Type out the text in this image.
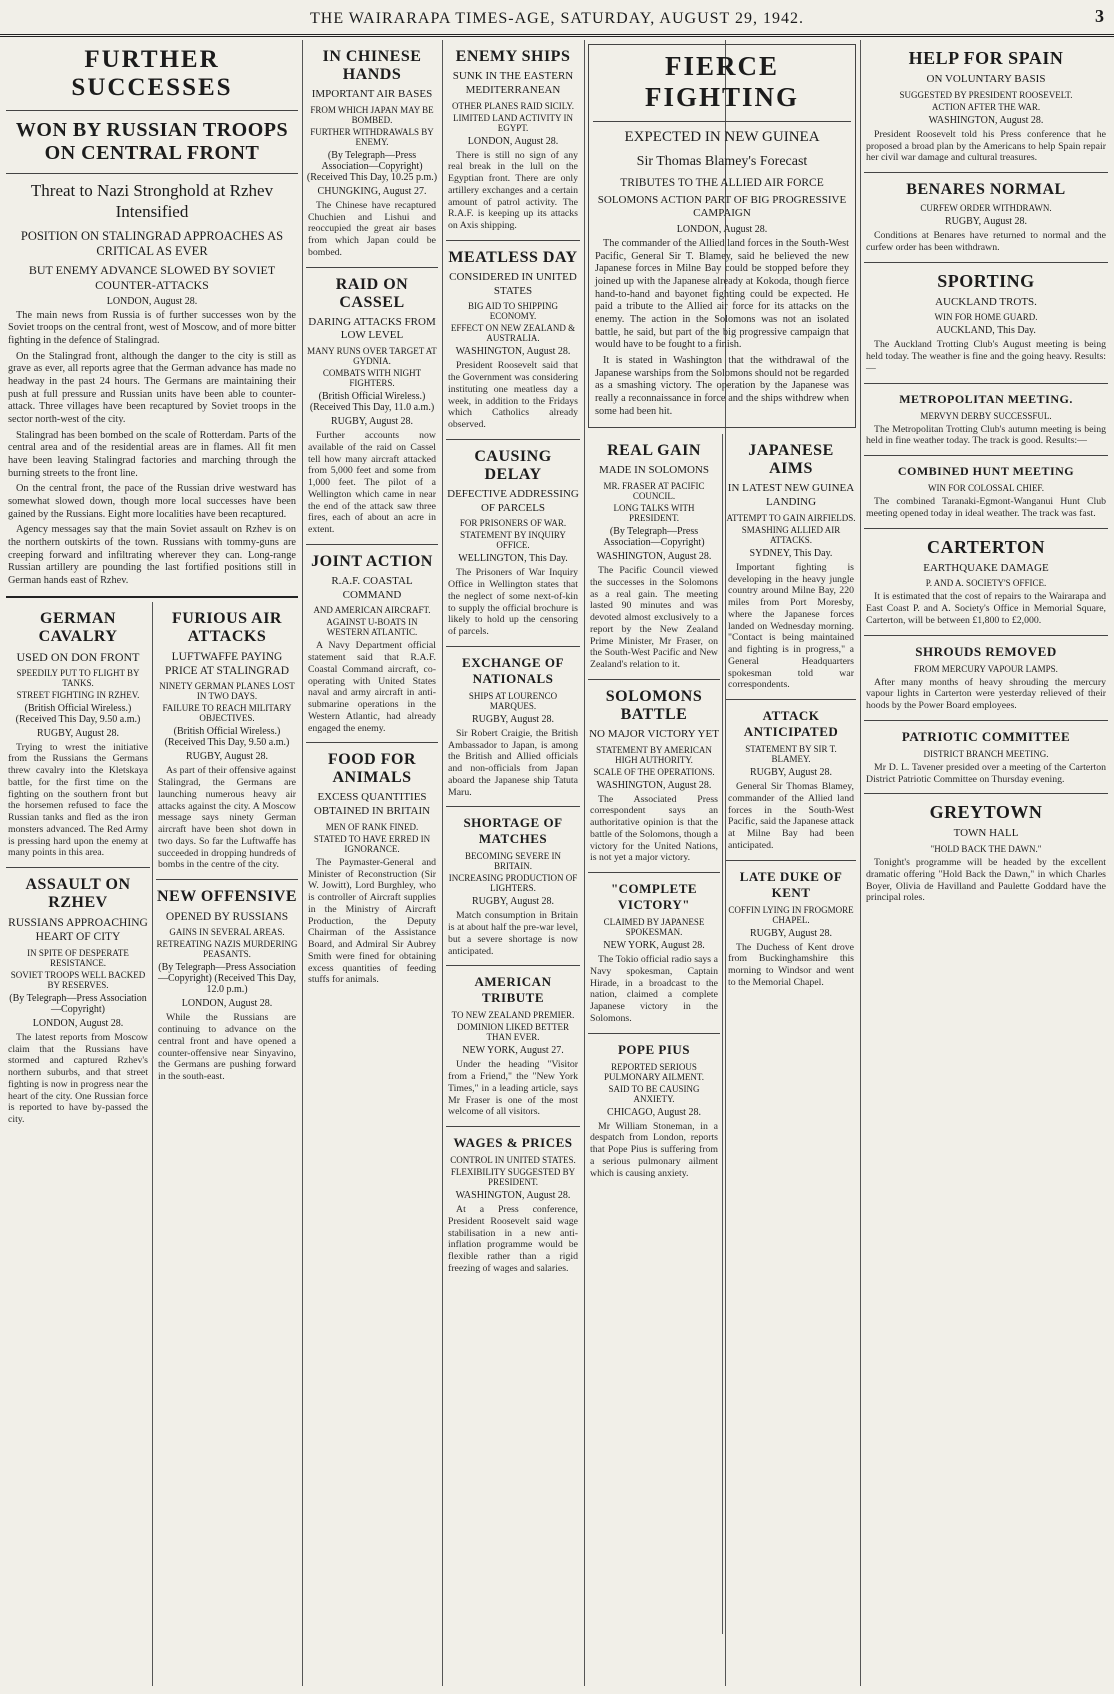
THE WAIRARAPA TIMES-AGE, SATURDAY, AUGUST 29, 1942.	3
FURTHER SUCCESSES
WON BY RUSSIAN TROOPS ON CENTRAL FRONT
Threat to Nazi Stronghold at Rzhev Intensified
POSITION ON STALINGRAD APPROACHES AS CRITICAL AS EVER
BUT ENEMY ADVANCE SLOWED BY SOVIET COUNTER-ATTACKS
LONDON, August 28.

The main news from Russia is of further successes won by the Soviet troops on the central front, west of Moscow, and of more bitter fighting in the defence of Stalingrad.

On the Stalingrad front, although the danger to the city is still as grave as ever, all reports agree that the German advance has made no headway in the past 24 hours. The Germans are maintaining their push at full pressure and Russian units have been able to counter-attack. Three villages have been recaptured by Soviet troops in the sector north-west of the city.

Stalingrad has been bombed on the scale of Rotterdam. Parts of the central area and of the residential areas are in flames. All fit men have been leaving Stalingrad factories and marching through the burning streets to the front line.

On the central front, the pace of the Russian drive westward has somewhat slowed down, though more local successes have been gained by the Russians. Eight more localities have been recaptured.

Agency messages say that the main Soviet assault on Rzhev is on the northern outskirts of the town. Russians with tommy-guns are creeping forward and infiltrating wherever they can. Long-range Russian artillery are pounding the last fortified positions still in German hands east of Rzhev.

GERMAN CAVALRY
USED ON DON FRONT
SPEEDILY PUT TO FLIGHT BY TANKS.
STREET FIGHTING IN RZHEV.
(British Official Wireless.) (Received This Day, 9.50 a.m.)
RUGBY, August 28.

Trying to wrest the initiative from the Russians the Germans threw cavalry into the Kletskaya battle, for the first time on the fighting on the southern front but the horsemen refused to face the Russian tanks and fled as the iron monsters advanced. The Red Army is pressing hard upon the enemy at many points in this area.

ASSAULT ON RZHEV
RUSSIANS APPROACHING HEART OF CITY
IN SPITE OF DESPERATE RESISTANCE.
SOVIET TROOPS WELL BACKED BY RESERVES.
(By Telegraph—Press Association—Copyright)
LONDON, August 28.

The latest reports from Moscow claim that the Russians have stormed and captured Rzhev's northern suburbs, and that street fighting is now in progress near the heart of the city. One Russian force is reported to have by-passed the city.

FURIOUS AIR ATTACKS
LUFTWAFFE PAYING PRICE AT STALINGRAD
NINETY GERMAN PLANES LOST IN TWO DAYS.
FAILURE TO REACH MILITARY OBJECTIVES.
(British Official Wireless.) (Received This Day, 9.50 a.m.)
RUGBY, August 28.

As part of their offensive against Stalingrad, the Germans are launching numerous heavy air attacks against the city. A Moscow message says ninety German aircraft have been shot down in two days. So far the Luftwaffe has succeeded in dropping hundreds of bombs in the centre of the city.

NEW OFFENSIVE
OPENED BY RUSSIANS
GAINS IN SEVERAL AREAS.
RETREATING NAZIS MURDERING PEASANTS.
(By Telegraph—Press Association—Copyright) (Received This Day, 12.0 p.m.)
LONDON, August 28.

While the Russians are continuing to advance on the central front and have opened a counter-offensive near Sinyavino, the Germans are pushing forward in the south-east.

IN CHINESE HANDS
IMPORTANT AIR BASES
FROM WHICH JAPAN MAY BE BOMBED.
FURTHER WITHDRAWALS BY ENEMY.
(By Telegraph—Press Association—Copyright) (Received This Day, 10.25 p.m.)
CHUNGKING, August 27.

The Chinese have recaptured Chuchien and Lishui and reoccupied the great air bases from which Japan could be bombed.

RAID ON CASSEL
DARING ATTACKS FROM LOW LEVEL
MANY RUNS OVER TARGET AT GYDNIA.
COMBATS WITH NIGHT FIGHTERS.
(British Official Wireless.) (Received This Day, 11.0 a.m.)
RUGBY, August 28.

Further accounts now available of the raid on Cassel tell how many aircraft attacked from 5,000 feet and some from 1,000 feet. The pilot of a Wellington which came in near the end of the attack saw three fires, each of about an acre in extent.

JOINT ACTION
R.A.F. COASTAL COMMAND
AND AMERICAN AIRCRAFT.
AGAINST U-BOATS IN WESTERN ATLANTIC.

A Navy Department official statement said that R.A.F. Coastal Command aircraft, co-operating with United States naval and army aircraft in anti-submarine operations in the Western Atlantic, had already engaged the enemy.

FOOD FOR ANIMALS
EXCESS QUANTITIES OBTAINED IN BRITAIN
MEN OF RANK FINED.
STATED TO HAVE ERRED IN IGNORANCE.

The Paymaster-General and Minister of Reconstruction (Sir W. Jowitt), Lord Burghley, who is controller of Aircraft supplies in the Ministry of Aircraft Production, the Deputy Chairman of the Assistance Board, and Admiral Sir Aubrey Smith were fined for obtaining excess quantities of feeding stuffs for animals.

ENEMY SHIPS
SUNK IN THE EASTERN MEDITERRANEAN
OTHER PLANES RAID SICILY.
LIMITED LAND ACTIVITY IN EGYPT.
LONDON, August 28.

There is still no sign of any real break in the lull on the Egyptian front. There are only artillery exchanges and a certain amount of patrol activity. The R.A.F. is keeping up its attacks on Axis shipping.

MEATLESS DAY
CONSIDERED IN UNITED STATES
BIG AID TO SHIPPING ECONOMY.
EFFECT ON NEW ZEALAND & AUSTRALIA.
WASHINGTON, August 28.

President Roosevelt said that the Government was considering instituting one meatless day a week, in addition to the Fridays which Catholics already observed.

CAUSING DELAY
DEFECTIVE ADDRESSING OF PARCELS
FOR PRISONERS OF WAR.
STATEMENT BY INQUIRY OFFICE.
WELLINGTON, This Day.

The Prisoners of War Inquiry Office in Wellington states that the neglect of some next-of-kin to supply the official brochure is likely to hold up the censoring of parcels.

EXCHANGE OF NATIONALS
SHIPS AT LOURENCO MARQUES.
RUGBY, August 28.

Sir Robert Craigie, the British Ambassador to Japan, is among the British and Allied officials and non-officials from Japan aboard the Japanese ship Tatuta Maru.

SHORTAGE OF MATCHES
BECOMING SEVERE IN BRITAIN.
INCREASING PRODUCTION OF LIGHTERS.
RUGBY, August 28.

Match consumption in Britain is at about half the pre-war level, but a severe shortage is now anticipated.

AMERICAN TRIBUTE
TO NEW ZEALAND PREMIER.
DOMINION LIKED BETTER THAN EVER.
NEW YORK, August 27.

Under the heading "Visitor from a Friend," the "New York Times," in a leading article, says Mr Fraser is one of the most welcome of all visitors.

WAGES & PRICES
CONTROL IN UNITED STATES.
FLEXIBILITY SUGGESTED BY PRESIDENT.
WASHINGTON, August 28.

At a Press conference, President Roosevelt said wage stabilisation in a new anti-inflation programme would be flexible rather than a rigid freezing of wages and salaries.

FIERCE FIGHTING
EXPECTED IN NEW GUINEA
Sir Thomas Blamey's Forecast
TRIBUTES TO THE ALLIED AIR FORCE
SOLOMONS ACTION PART OF BIG PROGRESSIVE CAMPAIGN
LONDON, August 28.

The commander of the Allied land forces in the South-West Pacific, General Sir T. Blamey, said he believed the new Japanese forces in Milne Bay could be stopped before they joined up with the Japanese already at Kokoda, though fierce hand-to-hand and bayonet fighting could be expected. He paid a tribute to the Allied air force for its attacks on the enemy. The action in the Solomons was not an isolated battle, he said, but part of the big progressive campaign that would have to be fought to a finish.

It is stated in Washington that the withdrawal of the Japanese warships from the Solomons should not be regarded as a smashing victory. The operation by the Japanese was really a reconnaissance in force and the ships withdrew when some had been hit.

REAL GAIN
MADE IN SOLOMONS
MR. FRASER AT PACIFIC COUNCIL.
LONG TALKS WITH PRESIDENT.
(By Telegraph—Press Association—Copyright)
WASHINGTON, August 28.

The Pacific Council viewed the successes in the Solomons as a real gain. The meeting lasted 90 minutes and was devoted almost exclusively to a report by the New Zealand Prime Minister, Mr Fraser, on the South-West Pacific and New Zealand's relation to it.

SOLOMONS BATTLE
NO MAJOR VICTORY YET
STATEMENT BY AMERICAN HIGH AUTHORITY.
SCALE OF THE OPERATIONS.
WASHINGTON, August 28.

The Associated Press correspondent says an authoritative opinion is that the battle of the Solomons, though a victory for the United Nations, is not yet a major victory.

"COMPLETE VICTORY"
CLAIMED BY JAPANESE SPOKESMAN.
NEW YORK, August 28.

The Tokio official radio says a Navy spokesman, Captain Hirade, in a broadcast to the nation, claimed a complete Japanese victory in the Solomons.

POPE PIUS
REPORTED SERIOUS PULMONARY AILMENT.
SAID TO BE CAUSING ANXIETY.
CHICAGO, August 28.

Mr William Stoneman, in a despatch from London, reports that Pope Pius is suffering from a serious pulmonary ailment which is causing anxiety.

JAPANESE AIMS
IN LATEST NEW GUINEA LANDING
ATTEMPT TO GAIN AIRFIELDS.
SMASHING ALLIED AIR ATTACKS.
SYDNEY, This Day.

Important fighting is developing in the heavy jungle country around Milne Bay, 220 miles from Port Moresby, where the Japanese forces landed on Wednesday morning. "Contact is being maintained and fighting is in progress," a General Headquarters spokesman told war correspondents.

ATTACK ANTICIPATED
STATEMENT BY SIR T. BLAMEY.
RUGBY, August 28.

General Sir Thomas Blamey, commander of the Allied land forces in the South-West Pacific, said the Japanese attack at Milne Bay had been anticipated.

LATE DUKE OF KENT
COFFIN LYING IN FROGMORE CHAPEL.
RUGBY, August 28.

The Duchess of Kent drove from Buckinghamshire this morning to Windsor and went to the Memorial Chapel.

HELP FOR SPAIN
ON VOLUNTARY BASIS
SUGGESTED BY PRESIDENT ROOSEVELT.
ACTION AFTER THE WAR.
WASHINGTON, August 28.

President Roosevelt told his Press conference that he proposed a broad plan by the Americans to help Spain repair her civil war damage and cultural treasures.

BENARES NORMAL
CURFEW ORDER WITHDRAWN.
RUGBY, August 28.

Conditions at Benares have returned to normal and the curfew order has been withdrawn.

SPORTING
AUCKLAND TROTS.
WIN FOR HOME GUARD.
AUCKLAND, This Day.

The Auckland Trotting Club's August meeting is being held today. The weather is fine and the going heavy. Results:—

METROPOLITAN MEETING.
MERVYN DERBY SUCCESSFUL.

The Metropolitan Trotting Club's autumn meeting is being held in fine weather today. The track is good. Results:—

COMBINED HUNT MEETING
WIN FOR COLOSSAL CHIEF.

The combined Taranaki-Egmont-Wanganui Hunt Club meeting opened today in ideal weather. The track was fast.

CARTERTON
EARTHQUAKE DAMAGE
P. AND A. SOCIETY'S OFFICE.

It is estimated that the cost of repairs to the Wairarapa and East Coast P. and A. Society's Office in Memorial Square, Carterton, will be between £1,800 to £2,000.

SHROUDS REMOVED
FROM MERCURY VAPOUR LAMPS.

After many months of heavy shrouding the mercury vapour lights in Carterton were yesterday relieved of their hoods by the Power Board employees.

PATRIOTIC COMMITTEE
DISTRICT BRANCH MEETING.

Mr D. L. Tavener presided over a meeting of the Carterton District Patriotic Committee on Thursday evening.

GREYTOWN
TOWN HALL
"HOLD BACK THE DAWN."

Tonight's programme will be headed by the excellent dramatic offering "Hold Back the Dawn," in which Charles Boyer, Olivia de Havilland and Paulette Goddard have the principal roles.
